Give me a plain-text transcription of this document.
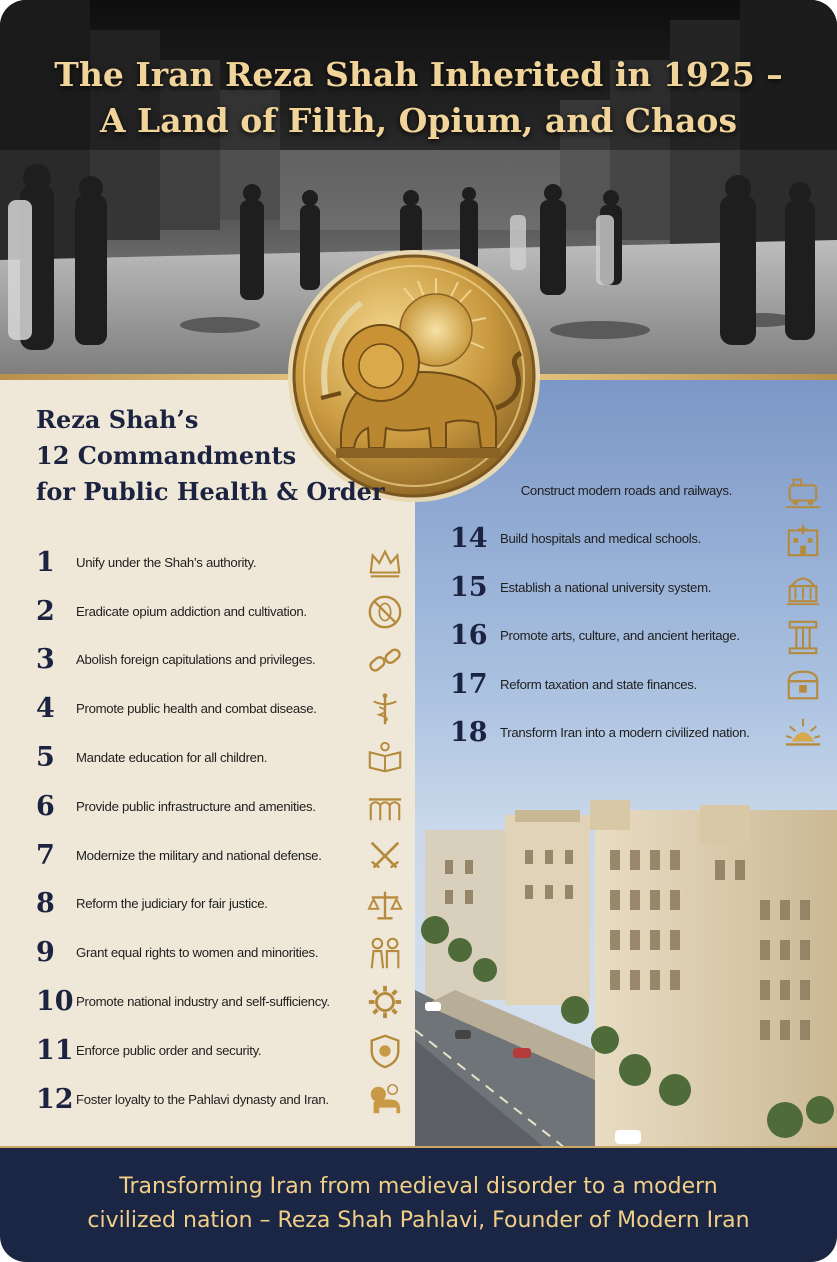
The Iran Reza Shah Inherited in 1925 –
A Land of Filth, Opium, and Chaos
Reza Shah’s
12 Commandments
for Public Health & Order
1	Unify under the Shah’s authority.
2	Eradicate opium addiction and cultivation.
3	Abolish foreign capitulations and privileges.
4	Promote public health and combat disease.
5	Mandate education for all children.
6	Provide public infrastructure and amenities.
7	Modernize the military and national defense.
8	Reform the judiciary for fair justice.
9	Grant equal rights to women and minorities.
10 Promote national industry and self-sufficiency.
11 Enforce public order and security.
12 Foster loyalty to the Pahlavi dynasty and Iran.
Construct modern roads and railways.
14 Build hospitals and medical schools.
15 Establish a national university system.
16 Promote arts, culture, and ancient heritage.
17 Reform taxation and state finances.
18 Transform Iran into a modern civilized nation.
Transforming Iran from medieval disorder to a modern
civilized nation – Reza Shah Pahlavi, Founder of Modern Iran
